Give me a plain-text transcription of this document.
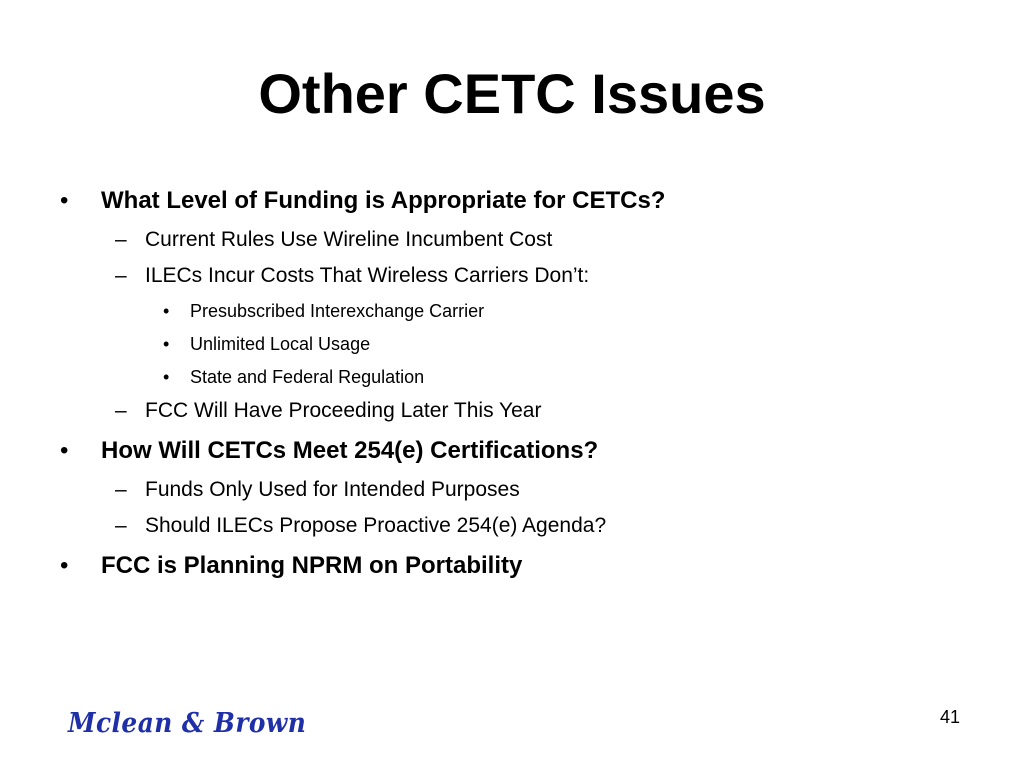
Other CETC Issues
•	What Level of Funding is Appropriate for CETCs?
– Current Rules Use Wireline Incumbent Cost
– ILECs Incur Costs That Wireless Carriers Don’t:
•	Presubscribed Interexchange Carrier
•	Unlimited Local Usage
•	State and Federal Regulation
– FCC Will Have Proceeding Later This Year
•	How Will CETCs Meet 254(e) Certifications?
– Funds Only Used for Intended Purposes
– Should ILECs Propose Proactive 254(e) Agenda?
•	FCC is Planning NPRM on Portability
Mclean & Brown	41
